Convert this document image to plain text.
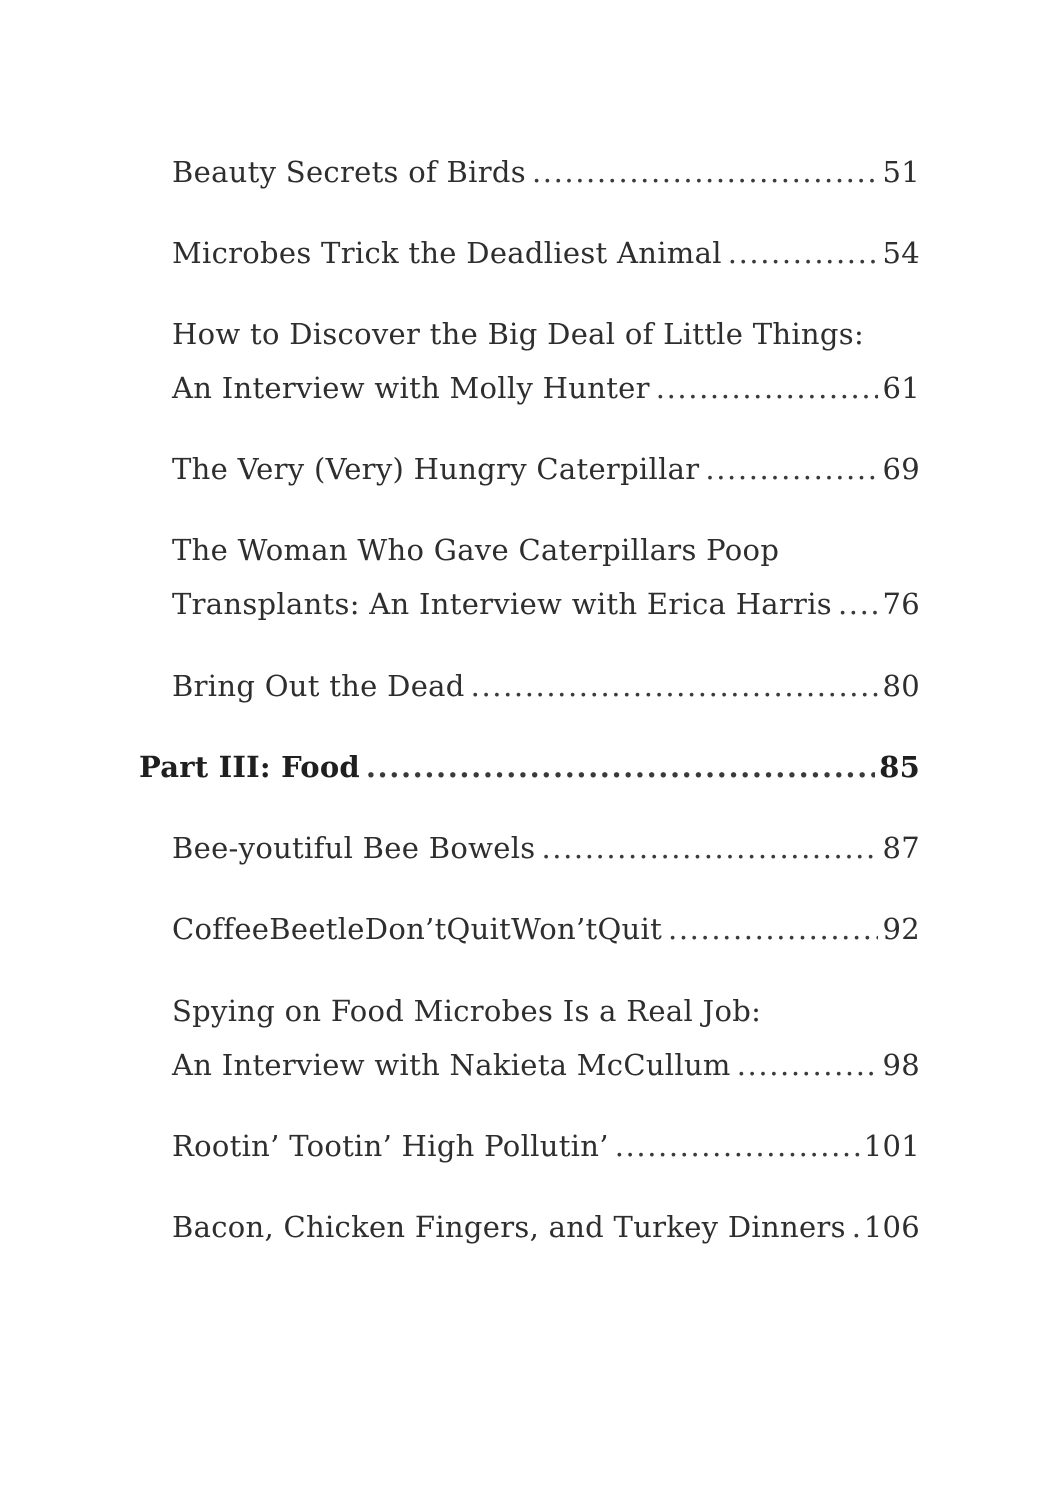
Beauty Secrets of Birds .....	51
Microbes Trick the Deadliest Animal .....	54
How to Discover the Big Deal of Little Things:
An Interview with Molly Hunter .....	61
The Very (Very) Hungry Caterpillar .....	69
The Woman Who Gave Caterpillars Poop
Transplants: An Interview with Erica Harris ..... 76
Bring Out the Dead .....	80
Part III: Food .....	85
Bee-youtiful Bee Bowels .....	87
CoffeeBeetleDon’tQuitWon’tQuit .....	92
Spying on Food Microbes Is a Real Job:
An Interview with Nakieta McCullum .....	98
Rootin’ Tootin’ High Pollutin’ .....	101
Bacon, Chicken Fingers, and Turkey Dinners ..... 106
